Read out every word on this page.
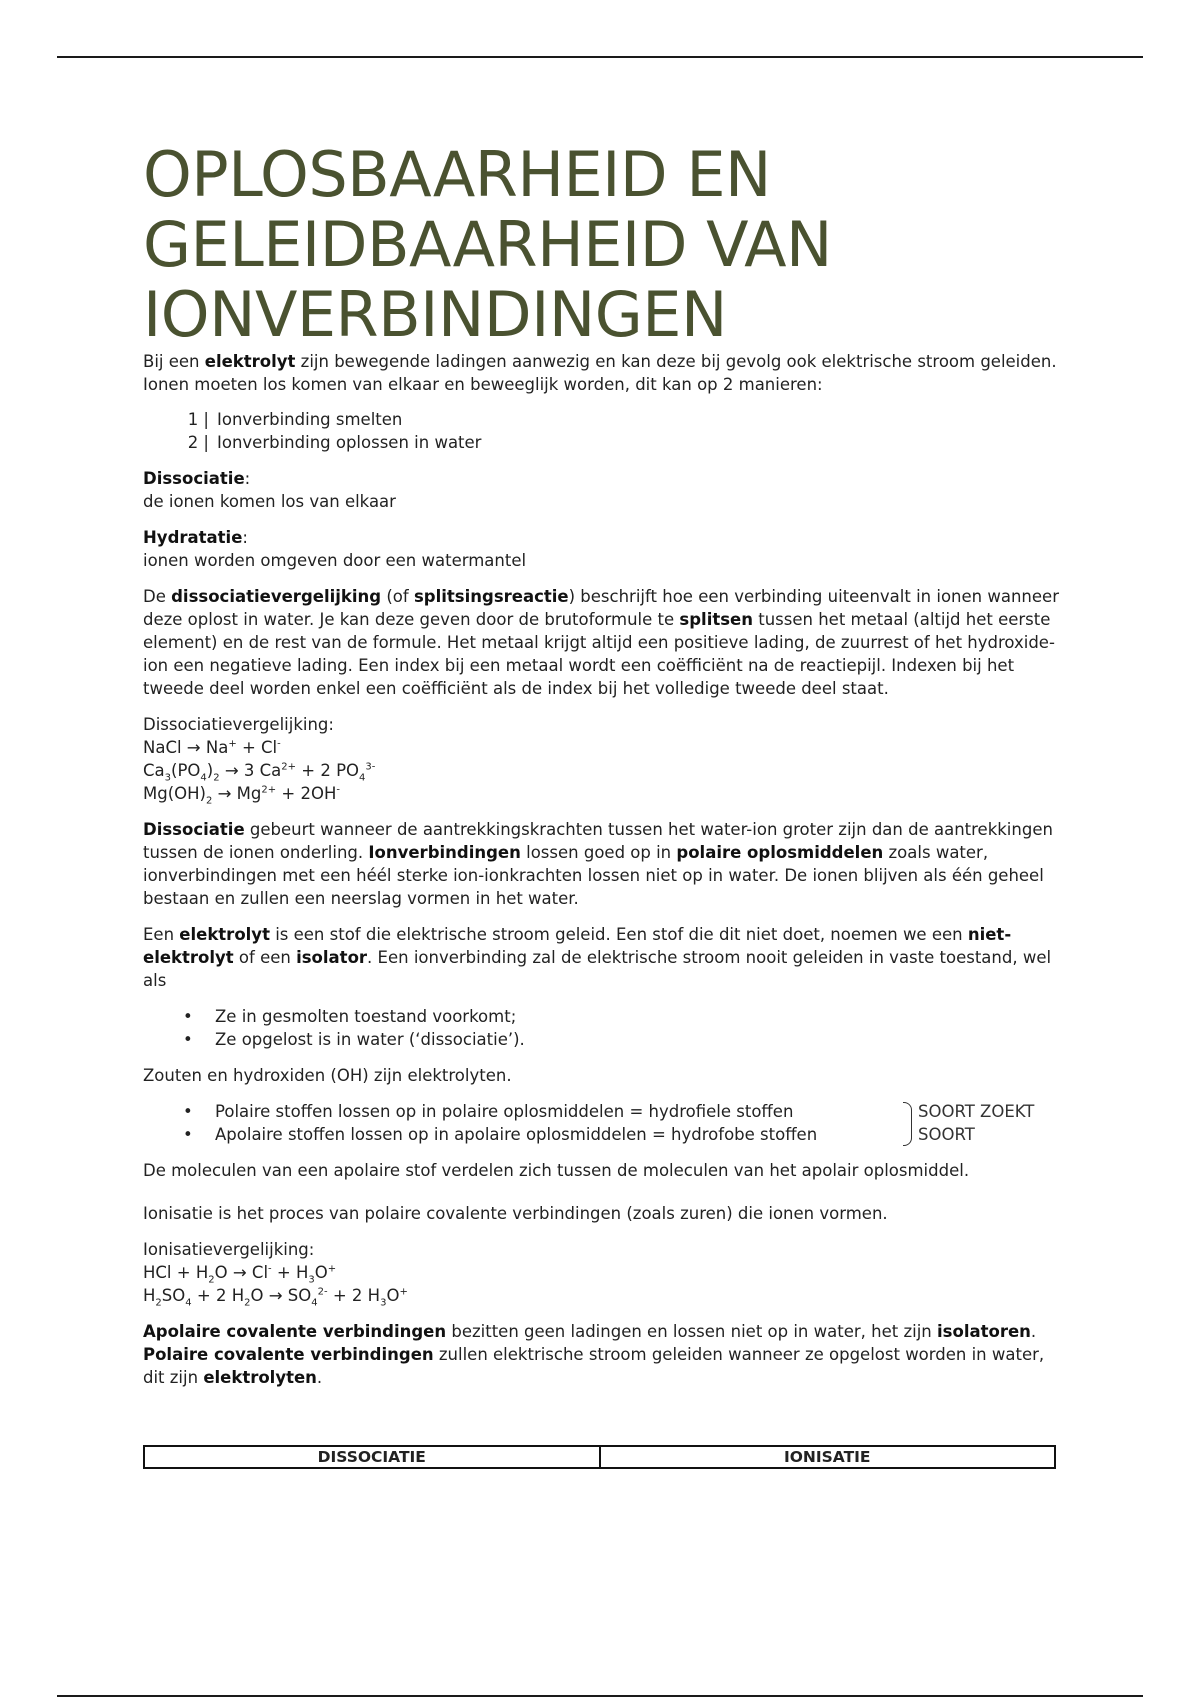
OPLOSBAARHEID EN
GELEIDBAARHEID VAN
IONVERBINDINGEN

Bij een elektrolyt zijn bewegende ladingen aanwezig en kan deze bij gevolg ook elektrische stroom geleiden. Ionen moeten los komen van elkaar en beweeglijk worden, dit kan op 2 manieren:

1 | Ionverbinding smelten
2 | Ionverbinding oplossen in water

Dissociatie:
de ionen komen los van elkaar

Hydratatie:
ionen worden omgeven door een watermantel

De dissociatievergelijking (of splitsingsreactie) beschrijft hoe een verbinding uiteenvalt in ionen wanneer deze oplost in water. Je kan deze geven door de brutoformule te splitsen tussen het metaal (altijd het eerste element) en de rest van de formule. Het metaal krijgt altijd een positieve lading, de zuurrest of het hydroxide-ion een negatieve lading. Een index bij een metaal wordt een coëfficiënt na de reactiepijl. Indexen bij het tweede deel worden enkel een coëfficiënt als de index bij het volledige tweede deel staat.

Dissociatievergelijking:
NaCl → Na+ + Cl-
$Ca_3(PO_4)_2 \to 3$ $Ca^{2+} + 2$ $PO_4^{3-}$
$Mg(OH)_2 \to Mg^{2+} + 2OH^-$

Dissociatie gebeurt wanneer de aantrekkingskrachten tussen het water-ion groter zijn dan de aantrekkingen tussen de ionen onderling. Ionverbindingen lossen goed op in polaire oplosmiddelen zoals water, ionverbindingen met een héél sterke ion-ionkrachten lossen niet op in water. De ionen blijven als één geheel bestaan en zullen een neerslag vormen in het water.

Een elektrolyt is een stof die elektrische stroom geleid. Een stof die dit niet doet, noemen we een niet-elektrolyt of een isolator. Een ionverbinding zal de elektrische stroom nooit geleiden in vaste toestand, wel als

• Ze in gesmolten toestand voorkomt;
• Ze opgelost is in water (‘dissociatie’).

Zouten en hydroxiden (OH) zijn elektrolyten.

• Polaire stoffen lossen op in polaire oplosmiddelen = hydrofiele stoffen
• Apolaire stoffen lossen op in apolaire oplosmiddelen = hydrofobe stoffen
SOORT ZOEKT SOORT

De moleculen van een apolaire stof verdelen zich tussen de moleculen van het apolair oplosmiddel.

Ionisatie is het proces van polaire covalente verbindingen (zoals zuren) die ionen vormen.

Ionisatievergelijking:
HCl + $H_2O \to Cl^- + H_3O^+$
$H_2SO_4 + 2$ $H_2O \to SO_4^{2-} + 2$ $H_3O^+$

Apolaire covalente verbindingen bezitten geen ladingen en lossen niet op in water, het zijn isolatoren. Polaire covalente verbindingen zullen elektrische stroom geleiden wanneer ze opgelost worden in water, dit zijn elektrolyten.

DISSOCIATIE	IONISATIE
